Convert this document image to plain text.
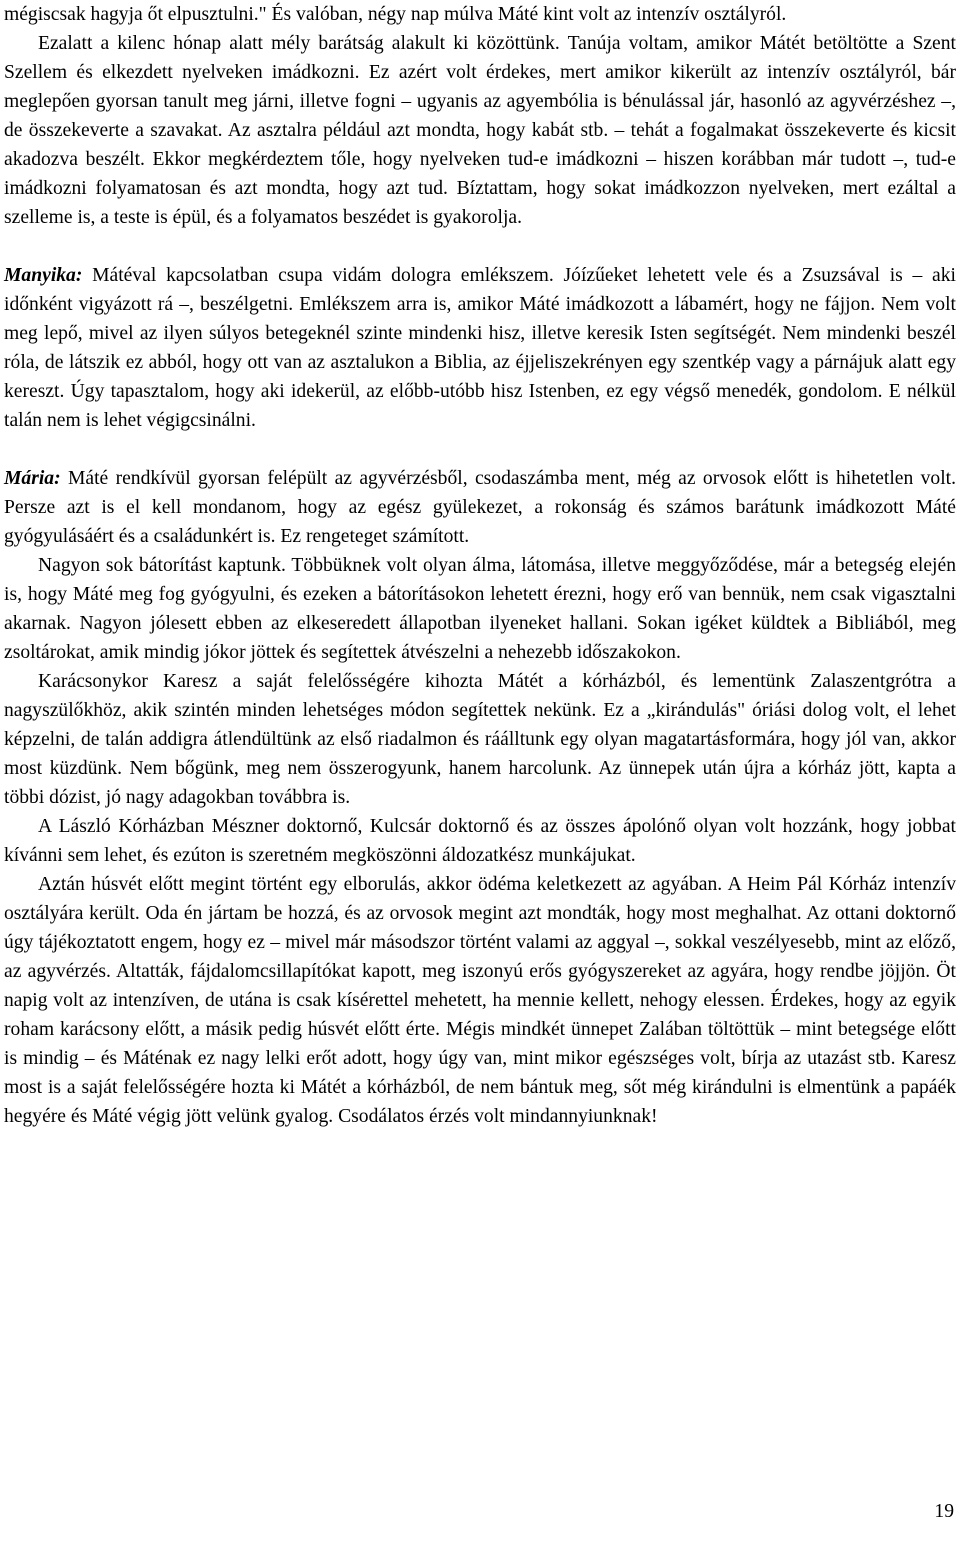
mégiscsak hagyja őt elpusztulni." És valóban, négy nap múlva Máté kint volt az intenzív osztályról.

Ezalatt a kilenc hónap alatt mély barátság alakult ki közöttünk. Tanúja voltam, amikor Mátét betöltötte a Szent Szellem és elkezdett nyelveken imádkozni. Ez azért volt érdekes, mert amikor kikerült az intenzív osztályról, bár meglepően gyorsan tanult meg járni, illetve fogni – ugyanis az agyembólia is bénulással jár, hasonló az agyvérzéshez –, de összekeverte a szavakat. Az asztalra például azt mondta, hogy kabát stb. – tehát a fogalmakat összekeverte és kicsit akadozva beszélt. Ekkor megkérdeztem tőle, hogy nyelveken tud-e imádkozni – hiszen korábban már tudott –, tud-e imádkozni folyamatosan és azt mondta, hogy azt tud. Bíztattam, hogy sokat imádkozzon nyelveken, mert ezáltal a szelleme is, a teste is épül, és a folyamatos beszédet is gyakorolja.

Manyika: Mátéval kapcsolatban csupa vidám dologra emlékszem. Jóízűeket lehetett vele és a Zsuzsával is – aki időnként vigyázott rá –, beszélgetni. Emlékszem arra is, amikor Máté imádkozott a lábamért, hogy ne fájjon. Nem volt meg lepő, mivel az ilyen súlyos betegeknél szinte mindenki hisz, illetve keresik Isten segítségét. Nem mindenki beszél róla, de látszik ez abból, hogy ott van az asztalukon a Biblia, az éjjeliszekrényen egy szentkép vagy a párnájuk alatt egy kereszt. Úgy tapasztalom, hogy aki idekerül, az előbb-utóbb hisz Istenben, ez egy végső menedék, gondolom. E nélkül talán nem is lehet végigcsinálni.

Mária: Máté rendkívül gyorsan felépült az agyvérzésből, csodaszámba ment, még az orvosok előtt is hihetetlen volt. Persze azt is el kell mondanom, hogy az egész gyülekezet, a rokonság és számos barátunk imádkozott Máté gyógyulásáért és a családunkért is. Ez rengeteget számított.

Nagyon sok bátorítást kaptunk. Többüknek volt olyan álma, látomása, illetve meggyőződése, már a betegség elején is, hogy Máté meg fog gyógyulni, és ezeken a bátorításokon lehetett érezni, hogy erő van bennük, nem csak vigasztalni akarnak. Nagyon jólesett ebben az elkeseredett állapotban ilyeneket hallani. Sokan igéket küldtek a Bibliából, meg zsoltárokat, amik mindig jókor jöttek és segítettek átvészelni a nehezebb időszakokon.

Karácsonykor Karesz a saját felelősségére kihozta Mátét a kórházból, és lementünk Zalaszentgrótra a nagyszülőkhöz, akik szintén minden lehetséges módon segítettek nekünk. Ez a „kirándulás" óriási dolog volt, el lehet képzelni, de talán addigra átlendültünk az első riadalmon és ráálltunk egy olyan magatartásformára, hogy jól van, akkor most küzdünk. Nem bőgünk, meg nem összerogyunk, hanem harcolunk. Az ünnepek után újra a kórház jött, kapta a többi dózist, jó nagy adagokban továbbra is.

A László Kórházban Mészner doktornő, Kulcsár doktornő és az összes ápolónő olyan volt hozzánk, hogy jobbat kívánni sem lehet, és ezúton is szeretném megköszönni áldozatkész munkájukat.

Aztán húsvét előtt megint történt egy elborulás, akkor ödéma keletkezett az agyában. A Heim Pál Kórház intenzív osztályára került. Oda én jártam be hozzá, és az orvosok megint azt mondták, hogy most meghalhat. Az ottani doktornő úgy tájékoztatott engem, hogy ez – mivel már másodszor történt valami az aggyal –, sokkal veszélyesebb, mint az előző, az agyvérzés. Altatták, fájdalomcsillapítókat kapott, meg iszonyú erős gyógyszereket az agyára, hogy rendbe jöjjön. Öt napig volt az intenzíven, de utána is csak kísérettel mehetett, ha mennie kellett, nehogy elessen. Érdekes, hogy az egyik roham karácsony előtt, a másik pedig húsvét előtt érte. Mégis mindkét ünnepet Zalában töltöttük – mint betegsége előtt is mindig – és Máténak ez nagy lelki erőt adott, hogy úgy van, mint mikor egészséges volt, bírja az utazást stb. Karesz most is a saját felelősségére hozta ki Mátét a kórházból, de nem bántuk meg, sőt még kirándulni is elmentünk a papáék hegyére és Máté végig jött velünk gyalog. Csodálatos érzés volt mindannyiunknak!

19
